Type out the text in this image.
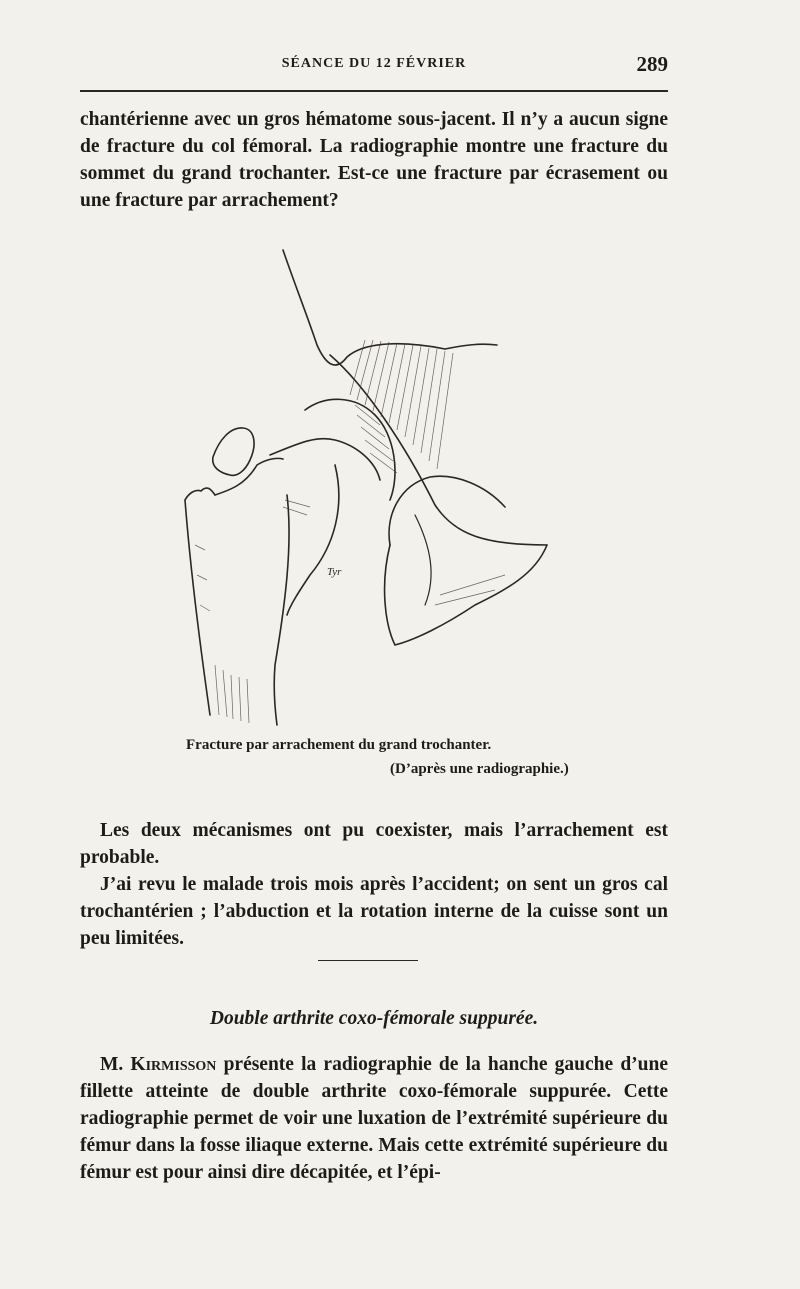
SÉANCE DU 12 FÉVRIER	289

chantérienne avec un gros hématome sous-jacent. Il n’y a aucun signe de fracture du col fémoral. La radiographie montre une fracture du sommet du grand trochanter. Est-ce une fracture par écrasement ou une fracture par arrachement?

Tyr
Fracture par arrachement du grand trochanter.
(D’après une radiographie.)

Les deux mécanismes ont pu coexister, mais l’arrachement est probable.

J’ai revu le malade trois mois après l’accident; on sent un gros cal trochantérien ; l’abduction et la rotation interne de la cuisse sont un peu limitées.

Double arthrite coxo-fémorale suppurée.

M. Kirmisson présente la radiographie de la hanche gauche d’une fillette atteinte de double arthrite coxo-fémorale suppurée. Cette radiographie permet de voir une luxation de l’extrémité supérieure du fémur dans la fosse iliaque externe. Mais cette extrémité supérieure du fémur est pour ainsi dire décapitée, et l’épi-
